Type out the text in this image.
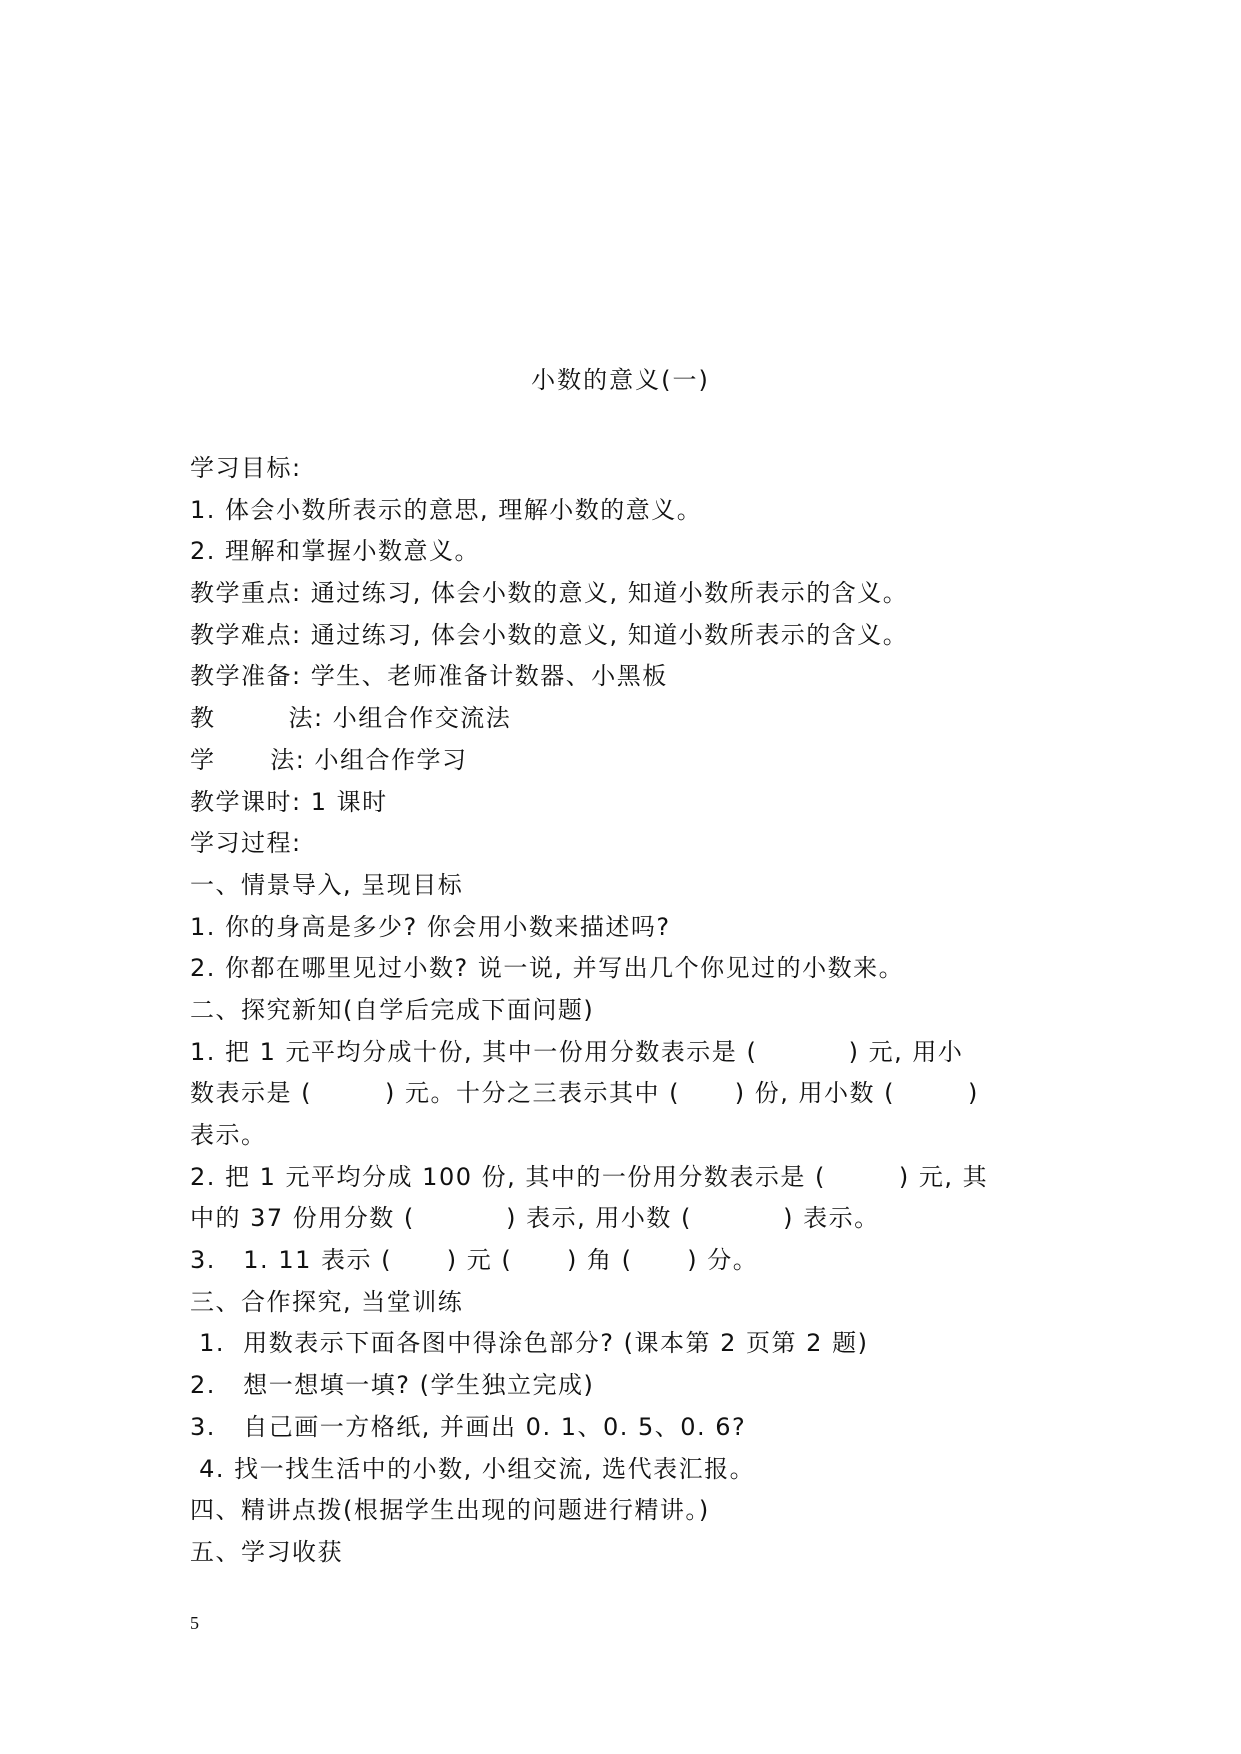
小数的意义(一)
学习目标:
1. 体会小数所表示的意思, 理解小数的意义。
2. 理解和掌握小数意义。
教学重点: 通过练习, 体会小数的意义, 知道小数所表示的含义。
教学难点: 通过练习, 体会小数的意义, 知道小数所表示的含义。
教学准备: 学生、老师准备计数器、小黑板
教        法: 小组合作交流法
学      法: 小组合作学习
教学课时: 1 课时
学习过程:
一、情景导入, 呈现目标
1. 你的身高是多少? 你会用小数来描述吗?
2. 你都在哪里见过小数? 说一说, 并写出几个你见过的小数来。
二、探究新知(自学后完成下面问题)
1. 把 1 元平均分成十份, 其中一份用分数表示是 (          ) 元, 用小
数表示是 (        ) 元。十分之三表示其中 (      ) 份, 用小数 (        )
表示。
2. 把 1 元平均分成 100 份, 其中的一份用分数表示是 (        ) 元, 其
中的 37 份用分数 (          ) 表示, 用小数 (          ) 表示。
3.   1. 11 表示 (      ) 元 (      ) 角 (      ) 分。
三、合作探究, 当堂训练
1.  用数表示下面各图中得涂色部分? (课本第 2 页第 2 题)
2.   想一想填一填? (学生独立完成)
3.   自己画一方格纸, 并画出 0. 1、0. 5、0. 6?
4. 找一找生活中的小数, 小组交流, 选代表汇报。
四、精讲点拨(根据学生出现的问题进行精讲。)
五、学习收获
5
